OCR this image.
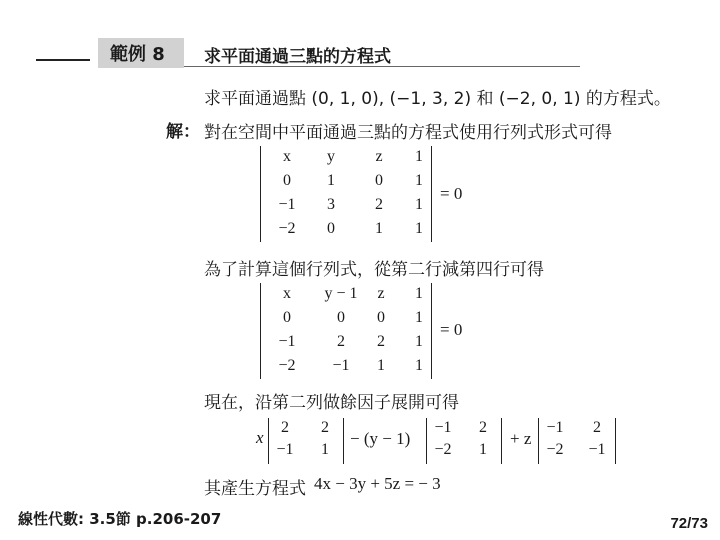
範例 8 求平面通過三點的方程式
求平面通過點 (0, 1, 0), (−1, 3, 2) 和 (−2, 0, 1) 的方程式。
解： 對在空間中平面通過三點的方程式使用行列式形式可得
x	y	z	1
0	1	0	1
−1	3	2	1
−2	0	1	1
= 0
為了計算這個行列式，從第二行減第四行可得
x	y − 1	z	1
0	0	0	1
−1	2	2	1
−2	−1	1	1
= 0
現在，沿第二列做餘因子展開可得
x
2	2
−1	1
− (y − 1)
−1	2
−2	1
+ z
−1	2
−2	−1
其產生方程式 4x − 3y + 5z = − 3
線性代數: 3.5節 p.206-207	72/73
